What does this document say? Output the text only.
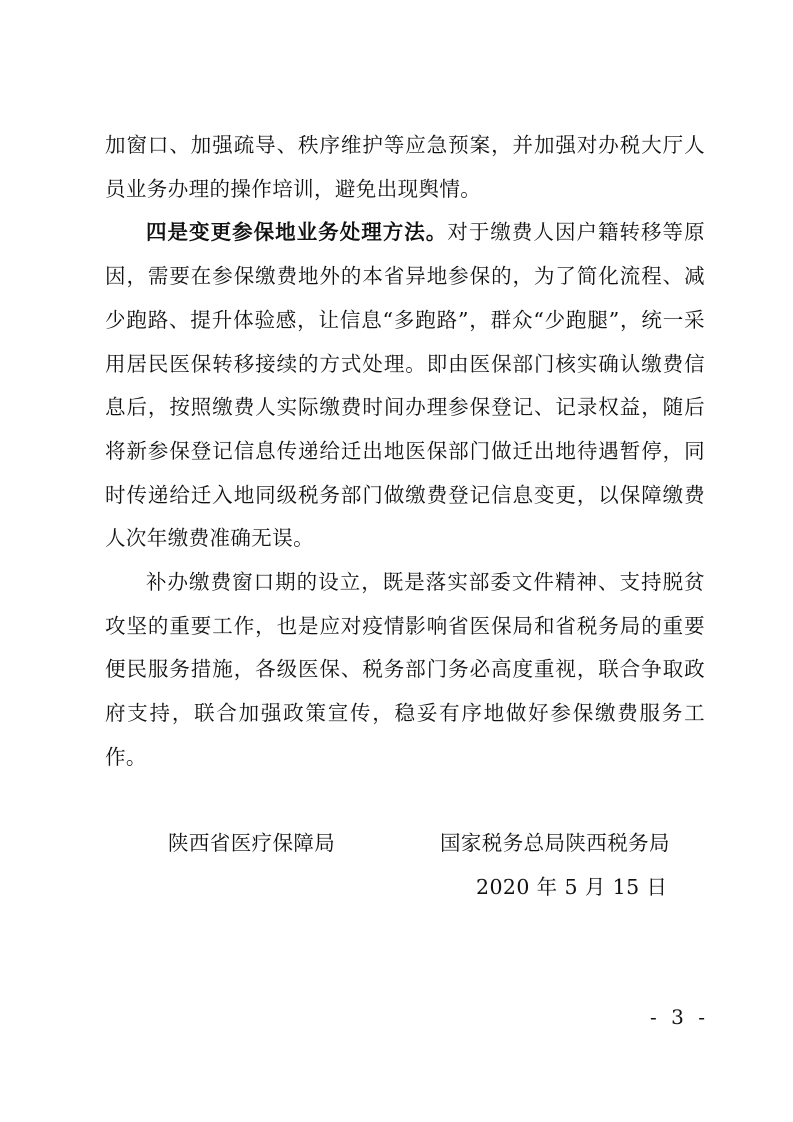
加窗口、加强疏导、秩序维护等应急预案，并加强对办税大厅人员业务办理的操作培训，避免出现舆情。

四是变更参保地业务处理方法。对于缴费人因户籍转移等原因，需要在参保缴费地外的本省异地参保的，为了简化流程、减少跑路、提升体验感，让信息“多跑路”，群众“少跑腿”，统一采用居民医保转移接续的方式处理。即由医保部门核实确认缴费信息后，按照缴费人实际缴费时间办理参保登记、记录权益，随后将新参保登记信息传递给迁出地医保部门做迁出地待遇暂停，同时传递给迁入地同级税务部门做缴费登记信息变更，以保障缴费人次年缴费准确无误。

补办缴费窗口期的设立，既是落实部委文件精神、支持脱贫攻坚的重要工作，也是应对疫情影响省医保局和省税务局的重要便民服务措施，各级医保、税务部门务必高度重视，联合争取政府支持，联合加强政策宣传，稳妥有序地做好参保缴费服务工作。

陕西省医疗保障局	国家税务总局陕西税务局
2020 年 5 月 15 日
- 3 -
